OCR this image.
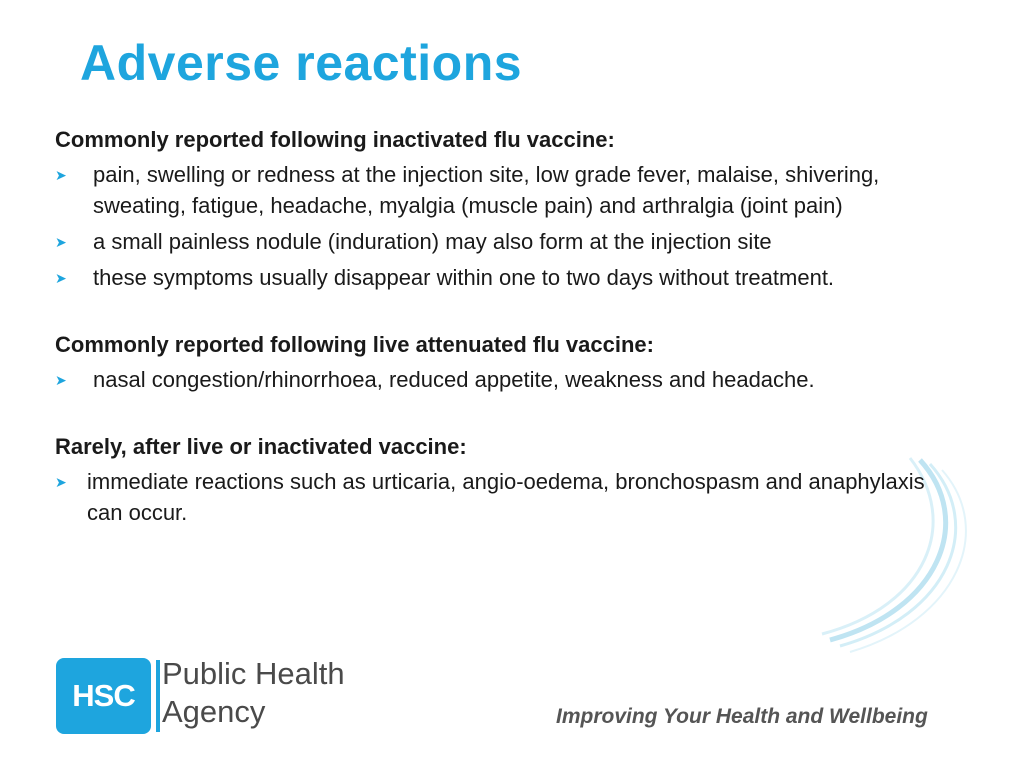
Adverse reactions
Commonly reported following inactivated flu vaccine:
➤ pain, swelling or redness at the injection site, low grade fever, malaise, shivering, sweating, fatigue, headache, myalgia (muscle pain) and arthralgia (joint pain)
➤ a small painless nodule (induration) may also form at the injection site
➤ these symptoms usually disappear within one to two days without treatment.
Commonly reported following live attenuated flu vaccine:
➤ nasal congestion/rhinorrhoea, reduced appetite, weakness and headache.
Rarely, after live or inactivated vaccine:
➤ immediate reactions such as urticaria, angio-oedema, bronchospasm and anaphylaxis can occur.
HSC
Public Health
Agency	Improving Your Health and Wellbeing
